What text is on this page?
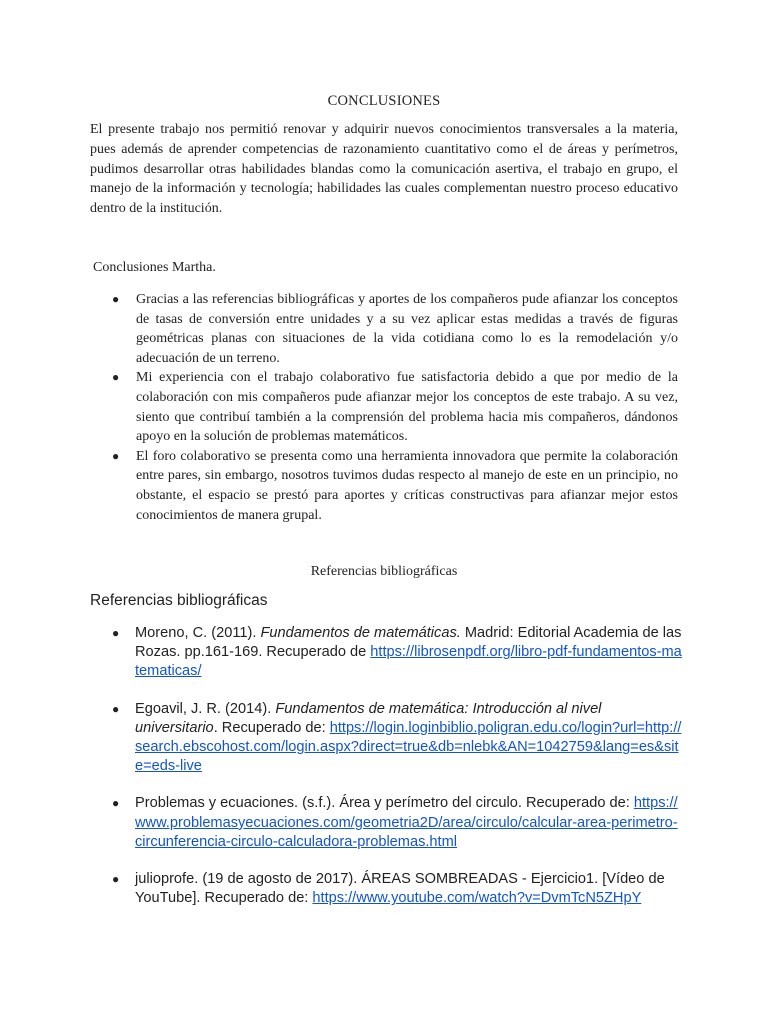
CONCLUSIONES

El presente trabajo nos permitió renovar y adquirir nuevos conocimientos transversales a la materia, pues además de aprender competencias de razonamiento cuantitativo como el de áreas y perímetros, pudimos desarrollar otras habilidades blandas como la comunicación asertiva, el trabajo en grupo, el manejo de la información y tecnología; habilidades las cuales complementan nuestro proceso educativo dentro de la institución.

Conclusiones Martha.

● Gracias a las referencias bibliográficas y aportes de los compañeros pude afianzar los conceptos de tasas de conversión entre unidades y a su vez aplicar estas medidas a través de figuras geométricas planas con situaciones de la vida cotidiana como lo es la remodelación y/o adecuación de un terreno.
● Mi experiencia con el trabajo colaborativo fue satisfactoria debido a que por medio de la colaboración con mis compañeros pude afianzar mejor los conceptos de este trabajo. A su vez, siento que contribuí también a la comprensión del problema hacia mis compañeros, dándonos apoyo en la solución de problemas matemáticos.
● El foro colaborativo se presenta como una herramienta innovadora que permite la colaboración entre pares, sin embargo, nosotros tuvimos dudas respecto al manejo de este en un principio, no obstante, el espacio se prestó para aportes y críticas constructivas para afianzar mejor estos conocimientos de manera grupal.
Referencias bibliográficas

Referencias bibliográficas

● Moreno, C. (2011). Fundamentos de matemáticas. Madrid: Editorial Academia de las Rozas. pp.161-169. Recuperado de https://librosenpdf.org/libro-pdf-fundamentos-matematicas/
● Egoavil, J. R. (2014). Fundamentos de matemática: Introducción al nivel universitario. Recuperado de: https://login.loginbiblio.poligran.edu.co/login?url=http://search.ebscohost.com/login.aspx?direct=true&db=nlebk&AN=1042759&lang=es&site=eds-live
● Problemas y ecuaciones. (s.f.). Área y perímetro del circulo. Recuperado de: https://www.problemasyecuaciones.com/geometria2D/area/circulo/calcular-area-perimetro-circunferencia-circulo-calculadora-problemas.html
● julioprofe. (19 de agosto de 2017). ÁREAS SOMBREADAS - Ejercicio1. [Vídeo de YouTube]. Recuperado de: https://www.youtube.com/watch?v=DvmTcN5ZHpY
